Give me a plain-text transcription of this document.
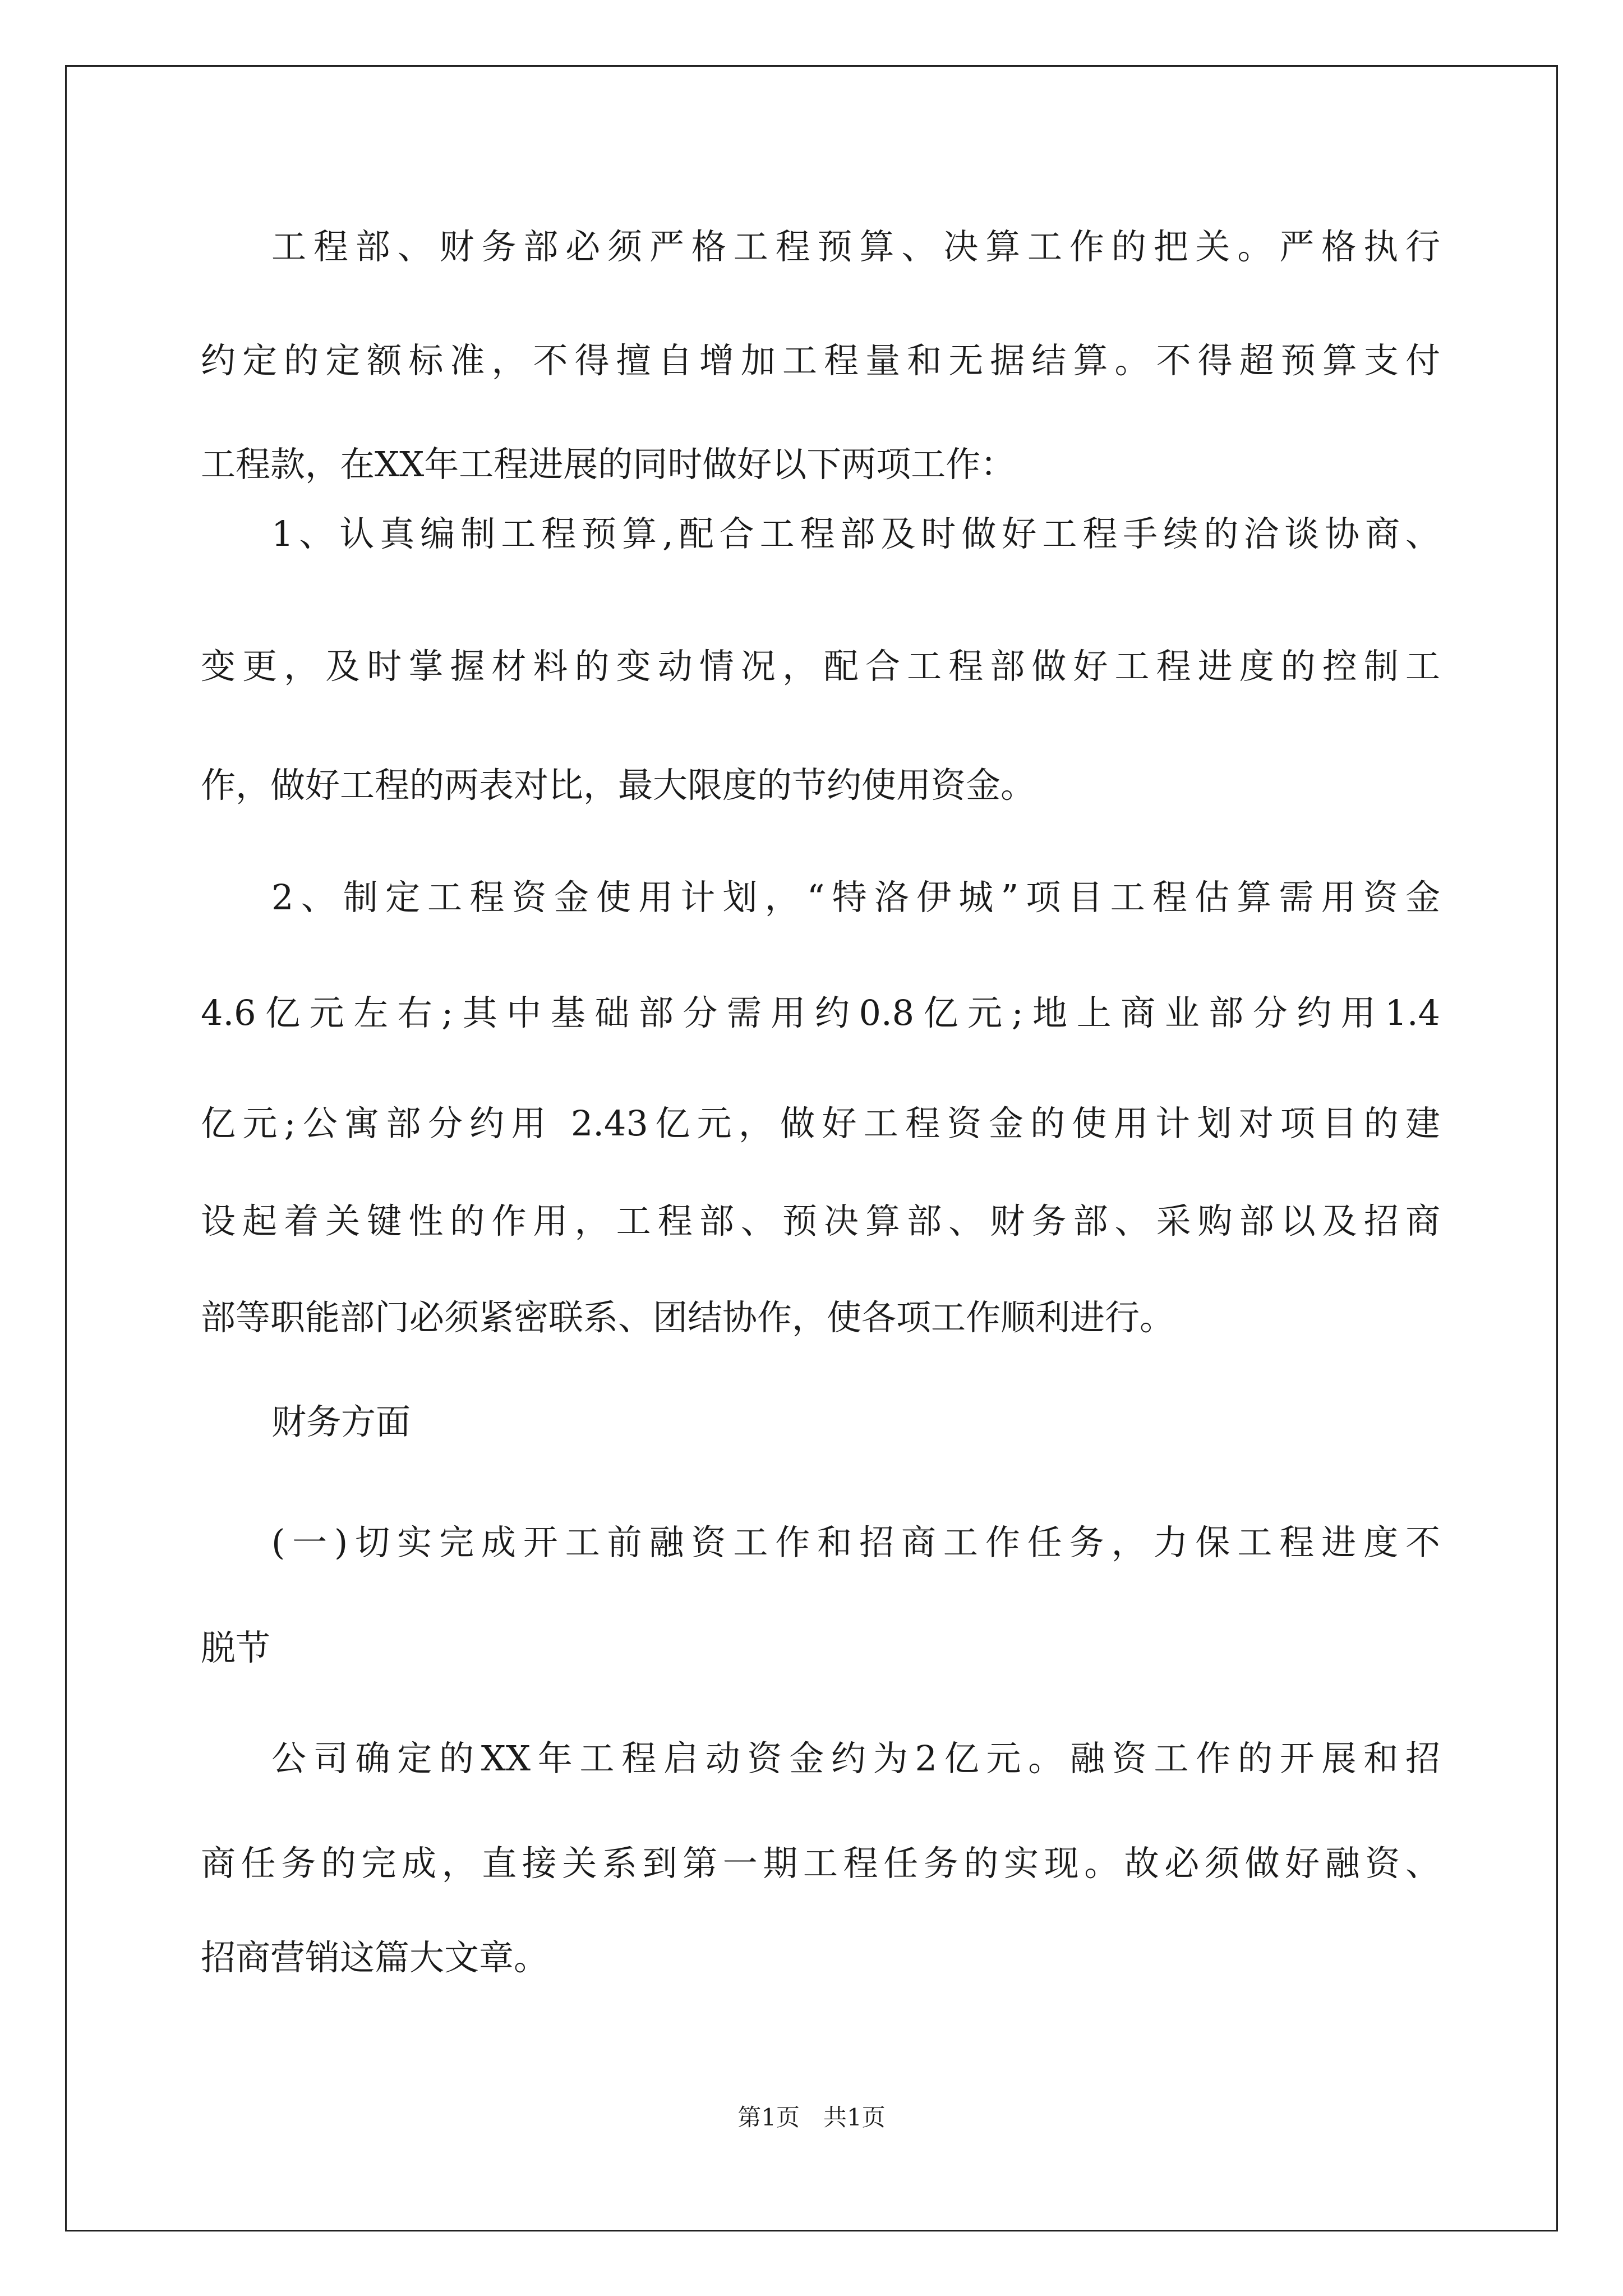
工程部、财务部必须严格工程预算、决算工作的把关。严格执行
约定的定额标准，不得擅自增加工程量和无据结算。不得超预算支付
工程款，在XX年工程进展的同时做好以下两项工作：
1、认真编制工程预算,配合工程部及时做好工程手续的洽谈协商、
变更，及时掌握材料的变动情况，配合工程部做好工程进度的控制工
作，做好工程的两表对比，最大限度的节约使用资金。
2、制定工程资金使用计划，“特洛伊城”项目工程估算需用资金
4.6亿元左右;其中基础部分需用约0.8亿元;地上商业部分约用1.4
亿元;公寓部分约用 2.43亿元，做好工程资金的使用计划对项目的建
设起着关键性的作用，工程部、预决算部、财务部、采购部以及招商
部等职能部门必须紧密联系、团结协作，使各项工作顺利进行。
财务方面
(一)切实完成开工前融资工作和招商工作任务，力保工程进度不
脱节
公司确定的XX年工程启动资金约为2亿元。融资工作的开展和招
商任务的完成，直接关系到第一期工程任务的实现。故必须做好融资、
招商营销这篇大文章。
第1页　共1页
